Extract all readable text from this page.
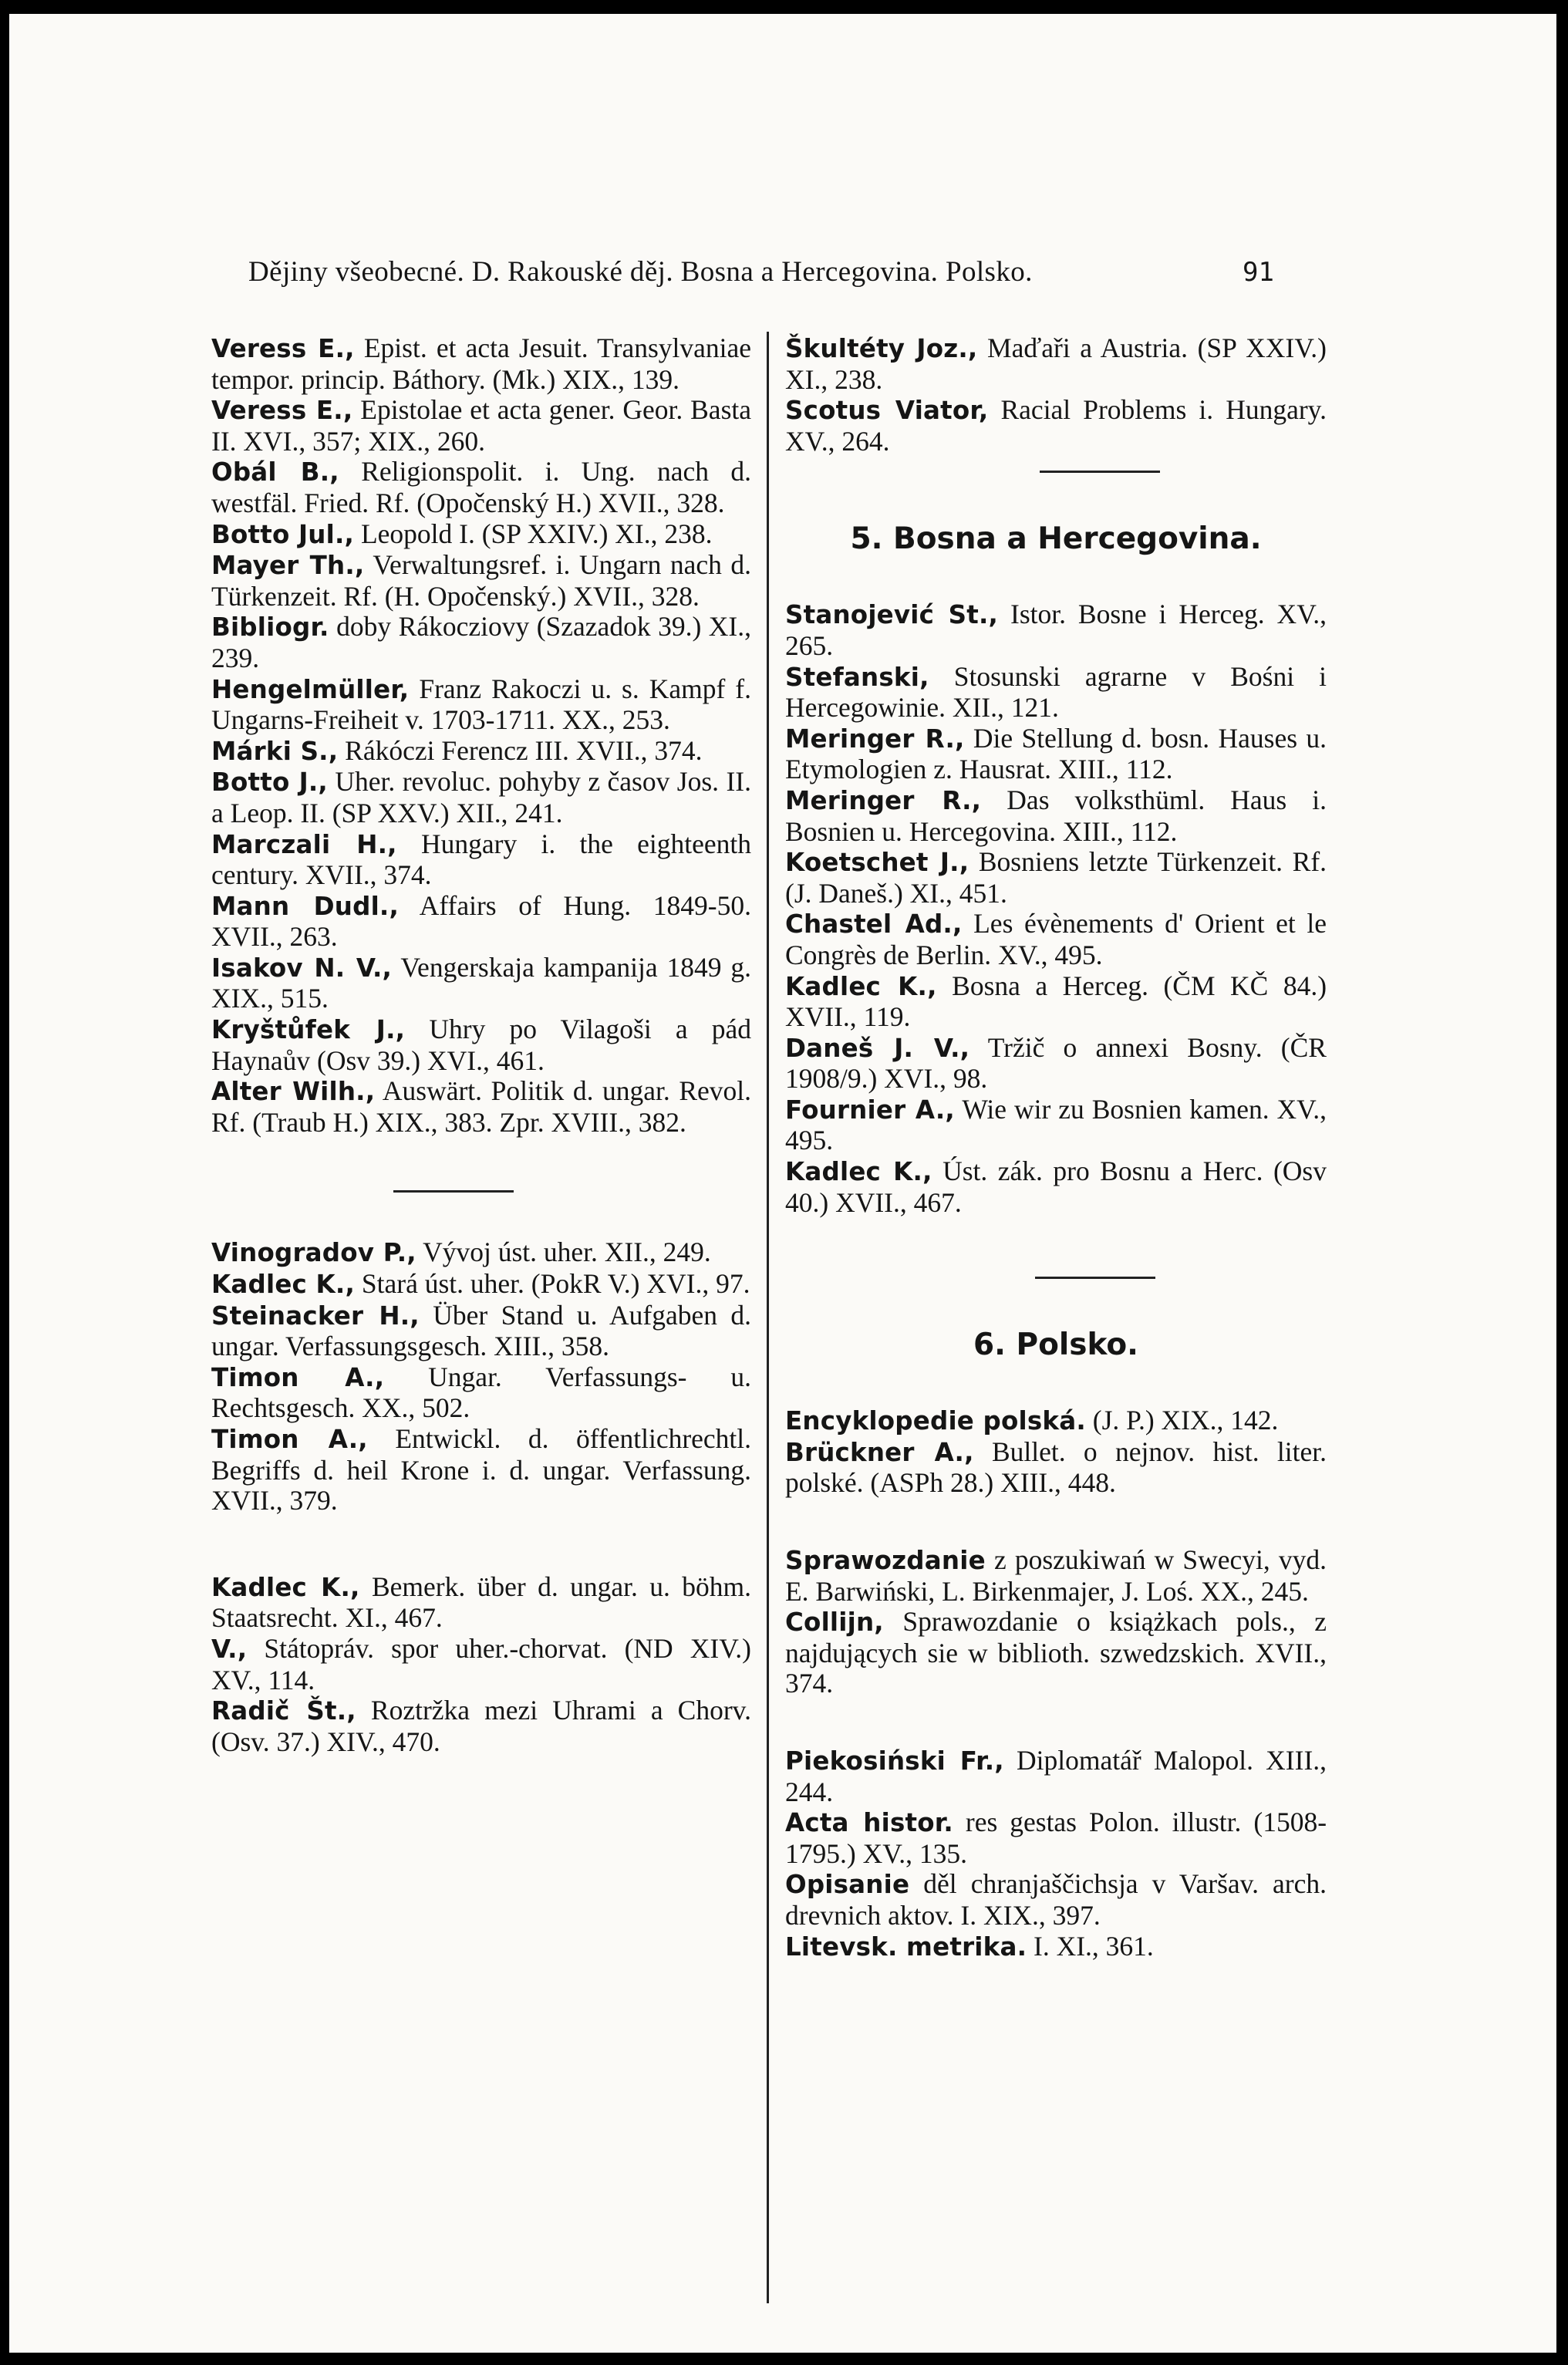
Dějiny všeobecné. D. Rakouské děj. Bosna a Hercegovina. Polsko.	91
Veress E., Epist. et acta Jesuit. Transylvaniae tempor. princip. Báthory. (Mk.) XIX., 139.
Veress E., Epistolae et acta gener. Geor. Basta II. XVI., 357; XIX., 260.
Obál B., Religionspolit. i. Ung. nach d. westfäl. Fried. Rf. (Opočenský H.) XVII., 328.
Botto Jul., Leopold I. (SP XXIV.) XI., 238.
Mayer Th., Verwaltungsref. i. Ungarn nach d. Türkenzeit. Rf. (H. Opočenský.) XVII., 328.
Bibliogr. doby Rákocziovy (Szazadok 39.) XI., 239.
Hengelmüller, Franz Rakoczi u. s. Kampf f. Ungarns-Freiheit v. 1703-1711. XX., 253.
Márki S., Rákóczi Ferencz III. XVII., 374.
Botto J., Uher. revoluc. pohyby z časov Jos. II. a Leop. II. (SP XXV.) XII., 241.
Marczali H., Hungary i. the eighteenth century. XVII., 374.
Mann Dudl., Affairs of Hung. 1849-50. XVII., 263.
Isakov N. V., Vengerskaja kampanija 1849 g. XIX., 515.
Kryštůfek J., Uhry po Vilagoši a pád Haynaův (Osv 39.) XVI., 461.
Alter Wilh., Auswärt. Politik d. ungar. Revol. Rf. (Traub H.) XIX., 383. Zpr. XVIII., 382.
Vinogradov P., Vývoj úst. uher. XII., 249.
Kadlec K., Stará úst. uher. (PokR V.) XVI., 97.
Steinacker H., Über Stand u. Aufgaben d. ungar. Verfassungsgesch. XIII., 358.
Timon A., Ungar. Verfassungs- u. Rechtsgesch. XX., 502.
Timon A., Entwickl. d. öffentlichrechtl. Begriffs d. heil Krone i. d. ungar. Verfassung. XVII., 379.
Kadlec K., Bemerk. über d. ungar. u. böhm. Staatsrecht. XI., 467.
V., Státopráv. spor uher.-chorvat. (ND XIV.) XV., 114.
Radič Št., Roztržka mezi Uhrami a Chorv. (Osv. 37.) XIV., 470.
Škultéty Joz., Maďaři a Austria. (SP XXIV.) XI., 238.
Scotus Viator, Racial Problems i. Hungary. XV., 264.
5. Bosna a Hercegovina.
Stanojević St., Istor. Bosne i Herceg. XV., 265.
Stefanski, Stosunski agrarne v Bośni i Hercegowinie. XII., 121.
Meringer R., Die Stellung d. bosn. Hauses u. Etymologien z. Hausrat. XIII., 112.
Meringer R., Das volksthüml. Haus i. Bosnien u. Hercegovina. XIII., 112.
Koetschet J., Bosniens letzte Türkenzeit. Rf. (J. Daneš.) XI., 451.
Chastel Ad., Les évènements d' Orient et le Congrès de Berlin. XV., 495.
Kadlec K., Bosna a Herceg. (ČM KČ 84.) XVII., 119.
Daneš J. V., Tržič o annexi Bosny. (ČR 1908/9.) XVI., 98.
Fournier A., Wie wir zu Bosnien kamen. XV., 495.
Kadlec K., Úst. zák. pro Bosnu a Herc. (Osv 40.) XVII., 467.
6. Polsko.
Encyklopedie polská. (J. P.) XIX., 142.
Brückner A., Bullet. o nejnov. hist. liter. polské. (ASPh 28.) XIII., 448.
Sprawozdanie z poszukiwań w Swecyi, vyd. E. Barwiński, L. Birkenmajer, J. Loś. XX., 245.
Collijn, Sprawozdanie o książkach pols., z najdujących sie w biblioth. szwedzskich. XVII., 374.
Piekosiński Fr., Diplomatář Malopol. XIII., 244.
Acta histor. res gestas Polon. illustr. (1508-1795.) XV., 135.
Opisanie děl chranjaščichsja v Varšav. arch. drevnich aktov. I. XIX., 397.
Litevsk. metrika. I. XI., 361.
